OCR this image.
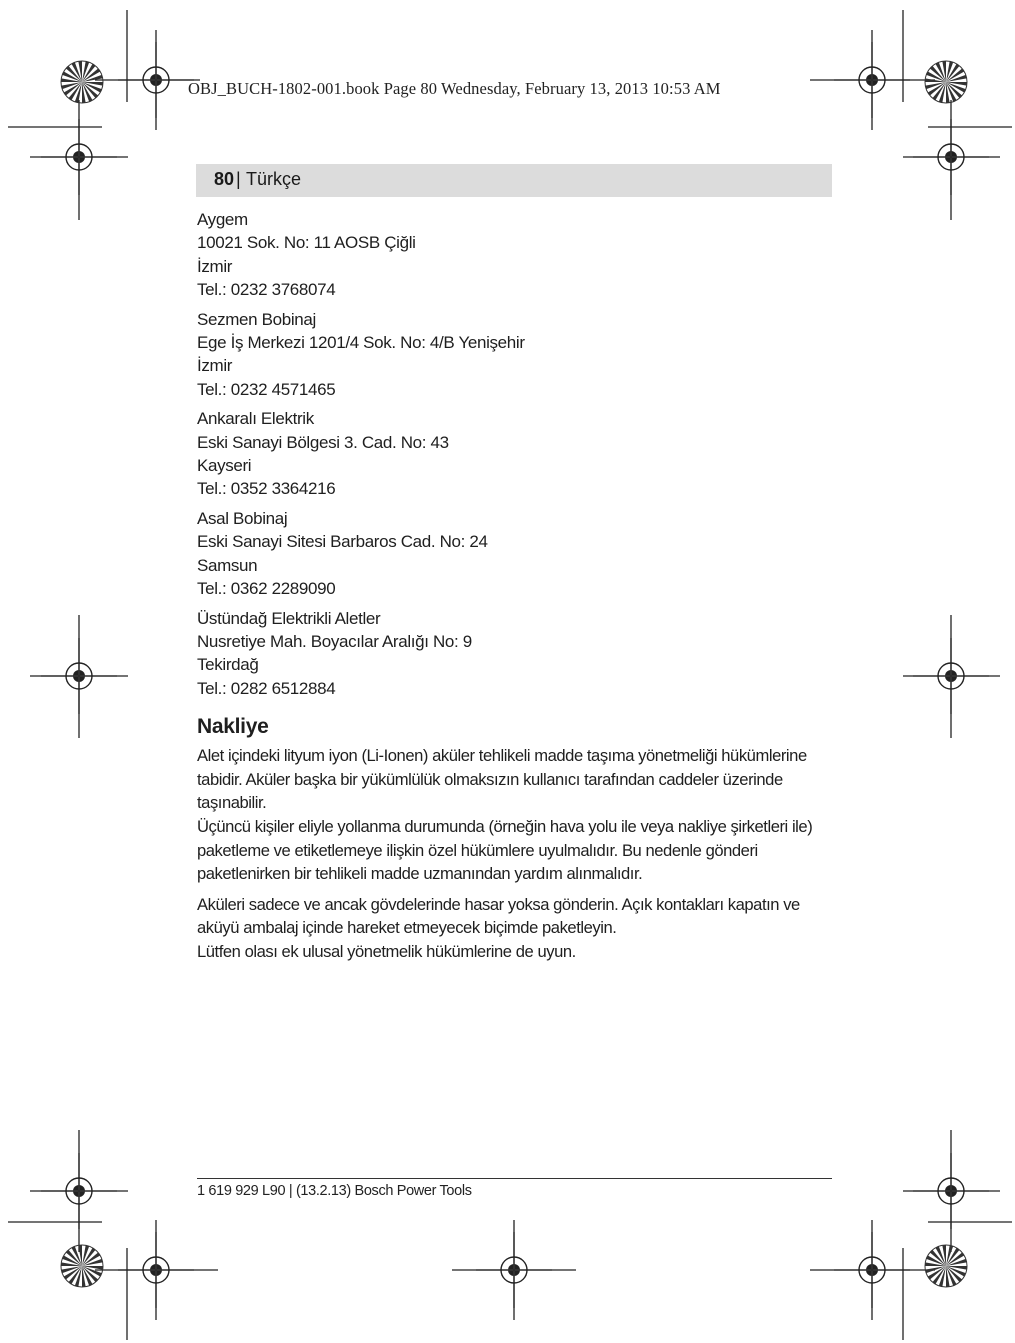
OBJ_BUCH-1802-001.book Page 80 Wednesday, February 13, 2013 10:53 AM
80 | Türkçe
Aygem
10021 Sok. No: 11 AOSB Çiğli
İzmir
Tel.: 0232 3768074
Sezmen Bobinaj
Ege İş Merkezi 1201/4 Sok. No: 4/B Yenişehir
İzmir
Tel.: 0232 4571465
Ankaralı Elektrik
Eski Sanayi Bölgesi 3. Cad. No: 43
Kayseri
Tel.: 0352 3364216
Asal Bobinaj
Eski Sanayi Sitesi Barbaros Cad. No: 24
Samsun
Tel.: 0362 2289090
Üstündağ Elektrikli Aletler
Nusretiye Mah. Boyacılar Aralığı No: 9
Tekirdağ
Tel.: 0282 6512884
Nakliye

Alet içindeki lityum iyon (Li-Ionen) aküler tehlikeli madde taşıma yönetmeliği hükümlerine tabidir. Aküler başka bir yükümlülük olmaksızın kullanıcı tarafından caddeler üzerinde taşınabilir.

Üçüncü kişiler eliyle yollanma durumunda (örneğin hava yolu ile veya nakliye şirketleri ile) paketleme ve etiketlemeye ilişkin özel hükümlere uyulmalıdır. Bu nedenle gönderi paketlenirken bir tehlikeli madde uzmanından yardım alınmalıdır.

Aküleri sadece ve ancak gövdelerinde hasar yoksa gönderin. Açık kontakları kapatın ve aküyü ambalaj içinde hareket etmeyecek biçimde paketleyin.

Lütfen olası ek ulusal yönetmelik hükümlerine de uyun.

1 619 929 L90 | (13.2.13) Bosch Power Tools
